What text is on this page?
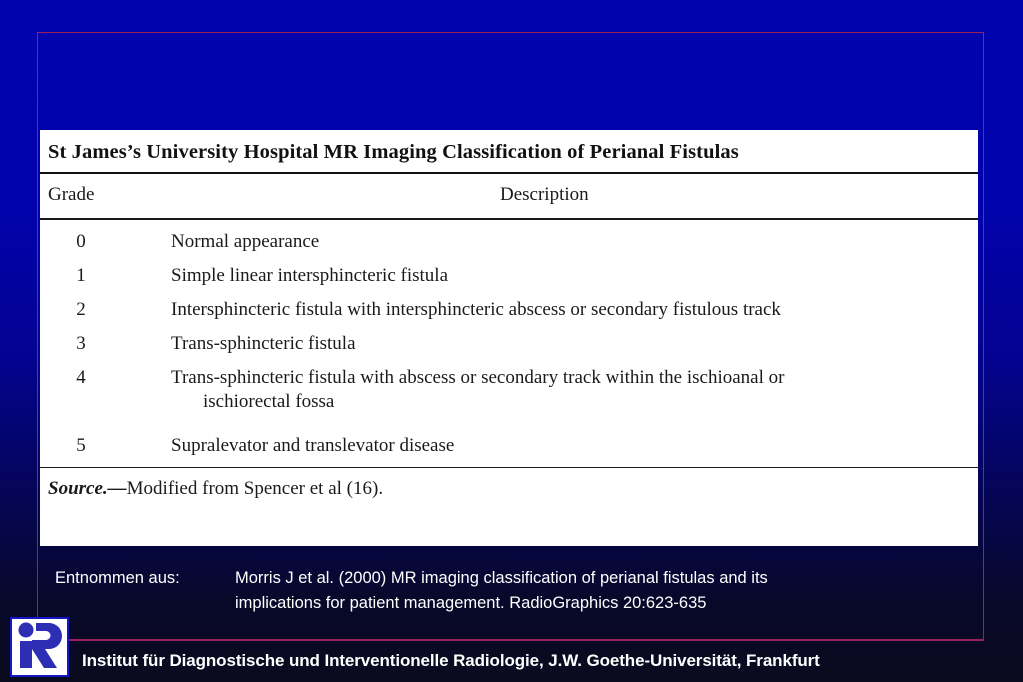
St James’s University Hospital MR Imaging Classification of Perianal Fistulas
Grade	Description
0	Normal appearance
1	Simple linear intersphincteric fistula
2	Intersphincteric fistula with intersphincteric abscess or secondary fistulous track
3	Trans-sphincteric fistula
4	Trans-sphincteric fistula with abscess or secondary track within the ischioanal or
ischiorectal fossa
5	Supralevator and translevator disease
Source.—Modified from Spencer et al (16).
Entnommen aus:	Morris J et al. (2000) MR imaging classification of perianal fistulas and its
implications for patient management. RadioGraphics 20:623-635
Institut für Diagnostische und Interventionelle Radiologie, J.W. Goethe-Universität, Frankfurt
